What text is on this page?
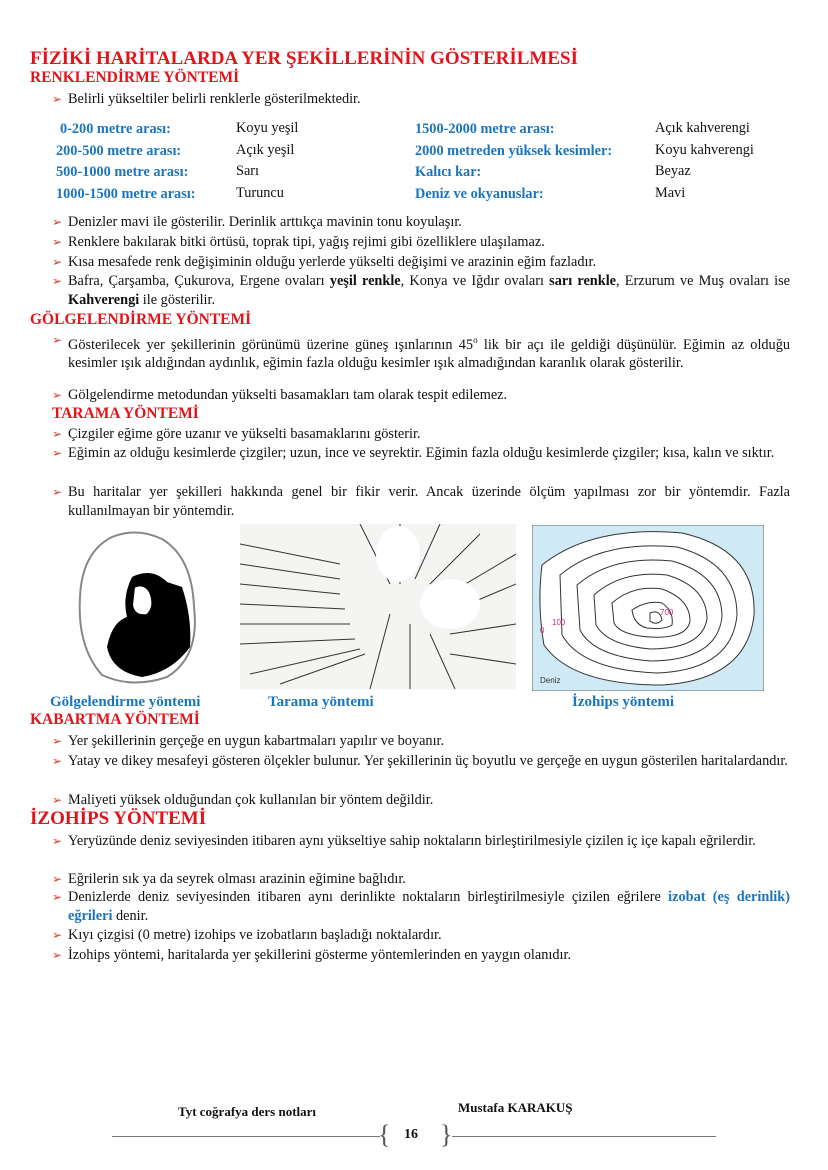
FİZİKİ HARİTALARDA YER ŞEKİLLERİNİN GÖSTERİLMESİ
RENKLENDİRME YÖNTEMİ
➢ Belirli yükseltiler belirli renklerle gösterilmektedir.
0-200 metre arası:	Koyu yeşil
200-500 metre arası:	Açık yeşil
500-1000 metre arası:	Sarı
1000-1500 metre arası:	Turuncu
1500-2000 metre arası:	Açık kahverengi
2000 metreden yüksek kesimler:	Koyu kahverengi
Kalıcı kar:	Beyaz
Deniz ve okyanuslar:	Mavi
➢ Denizler mavi ile gösterilir. Derinlik arttıkça mavinin tonu koyulaşır.
➢ Renklere bakılarak bitki örtüsü, toprak tipi, yağış rejimi gibi özelliklere ulaşılamaz.
➢ Kısa mesafede renk değişiminin olduğu yerlerde yükselti değişimi ve arazinin eğim fazladır.
➢ Bafra, Çarşamba, Çukurova, Ergene ovaları yeşil renkle, Konya ve Iğdır ovaları sarı renkle, Erzurum ve Muş ovaları ise Kahverengi ile gösterilir.
GÖLGELENDİRME YÖNTEMİ
➢ Gösterilecek yer şekillerinin görünümü üzerine güneş ışınlarının 45$^o$ lik bir açı ile geldiği düşünülür. Eğimin az olduğu kesimler ışık aldığından aydınlık, eğimin fazla olduğu kesimler ışık almadığından karanlık olarak gösterilir.
➢ Gölgelendirme metodundan yükselti basamakları tam olarak tespit edilemez.
TARAMA YÖNTEMİ
➢ Çizgiler eğime göre uzanır ve yükselti basamaklarını gösterir.
➢ Eğimin az olduğu kesimlerde çizgiler; uzun, ince ve seyrektir. Eğimin fazla olduğu kesimlerde çizgiler; kısa, kalın ve sıktır.
➢ Bu haritalar yer şekilleri hakkında genel bir fikir verir. Ancak üzerinde ölçüm yapılması zor bir yöntemdir. Fazla kullanılmayan bir yöntemdir.
700
100
0
Deniz
Gölgelendirme yöntemi	Tarama yöntemi	İzohips yöntemi
KABARTMA YÖNTEMİ
➢ Yer şekillerinin gerçeğe en uygun kabartmaları yapılır ve boyanır.
➢ Yatay ve dikey mesafeyi gösteren ölçekler bulunur. Yer şekillerinin üç boyutlu ve gerçeğe en uygun gösterilen haritalardandır.
➢ Maliyeti yüksek olduğundan çok kullanılan bir yöntem değildir.
İZOHİPS YÖNTEMİ
➢ Yeryüzünde deniz seviyesinden itibaren aynı yükseltiye sahip noktaların birleştirilmesiyle çizilen iç içe kapalı eğrilerdir.
➢ Eğrilerin sık ya da seyrek olması arazinin eğimine bağlıdır.
➢ Denizlerde deniz seviyesinden itibaren aynı derinlikte noktaların birleştirilmesiyle çizilen eğrilere izobat (eş derinlik) eğrileri denir.
➢ Kıyı çizgisi (0 metre) izohips ve izobatların başladığı noktalardır.
➢ İzohips yöntemi, haritalarda yer şekillerini gösterme yöntemlerinden en yaygın olanıdır.
Tyt coğrafya ders notları	Mustafa KARAKUŞ
{ }
16
